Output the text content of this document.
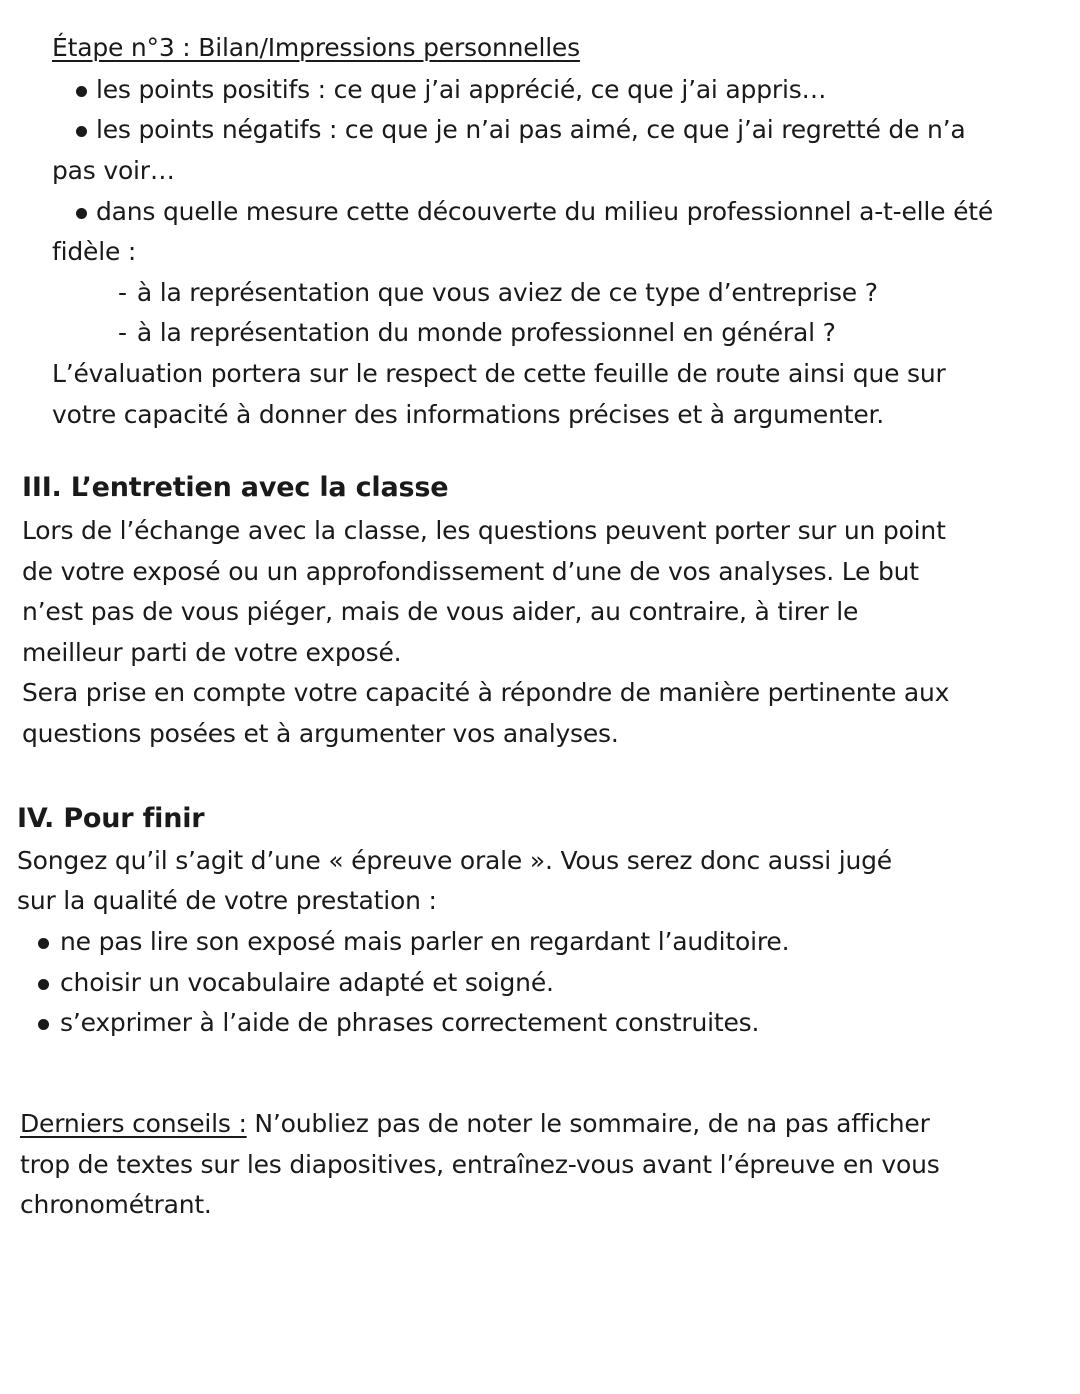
Étape n°3 : Bilan/Impressions personnelles
les points positifs : ce que j’ai apprécié, ce que j’ai appris…
les points négatifs : ce que je n’ai pas aimé, ce que j’ai regretté de n’a
pas voir…
dans quelle mesure cette découverte du milieu professionnel a-t-elle été
fidèle :
- à la représentation que vous aviez de ce type d’entreprise ?
- à la représentation du monde professionnel en général ?
L’évaluation portera sur le respect de cette feuille de route ainsi que sur
votre capacité à donner des informations précises et à argumenter.
III. L’entretien avec la classe
Lors de l’échange avec la classe, les questions peuvent porter sur un point
de votre exposé ou un approfondissement d’une de vos analyses. Le but
n’est pas de vous piéger, mais de vous aider, au contraire, à tirer le
meilleur parti de votre exposé.
Sera prise en compte votre capacité à répondre de manière pertinente aux
questions posées et à argumenter vos analyses.
IV. Pour finir
Songez qu’il s’agit d’une « épreuve orale ». Vous serez donc aussi jugé
sur la qualité de votre prestation :
ne pas lire son exposé mais parler en regardant l’auditoire.
choisir un vocabulaire adapté et soigné.
s’exprimer à l’aide de phrases correctement construites.
Derniers conseils : N’oubliez pas de noter le sommaire, de na pas afficher
trop de textes sur les diapositives, entraînez-vous avant l’épreuve en vous
chronométrant.
